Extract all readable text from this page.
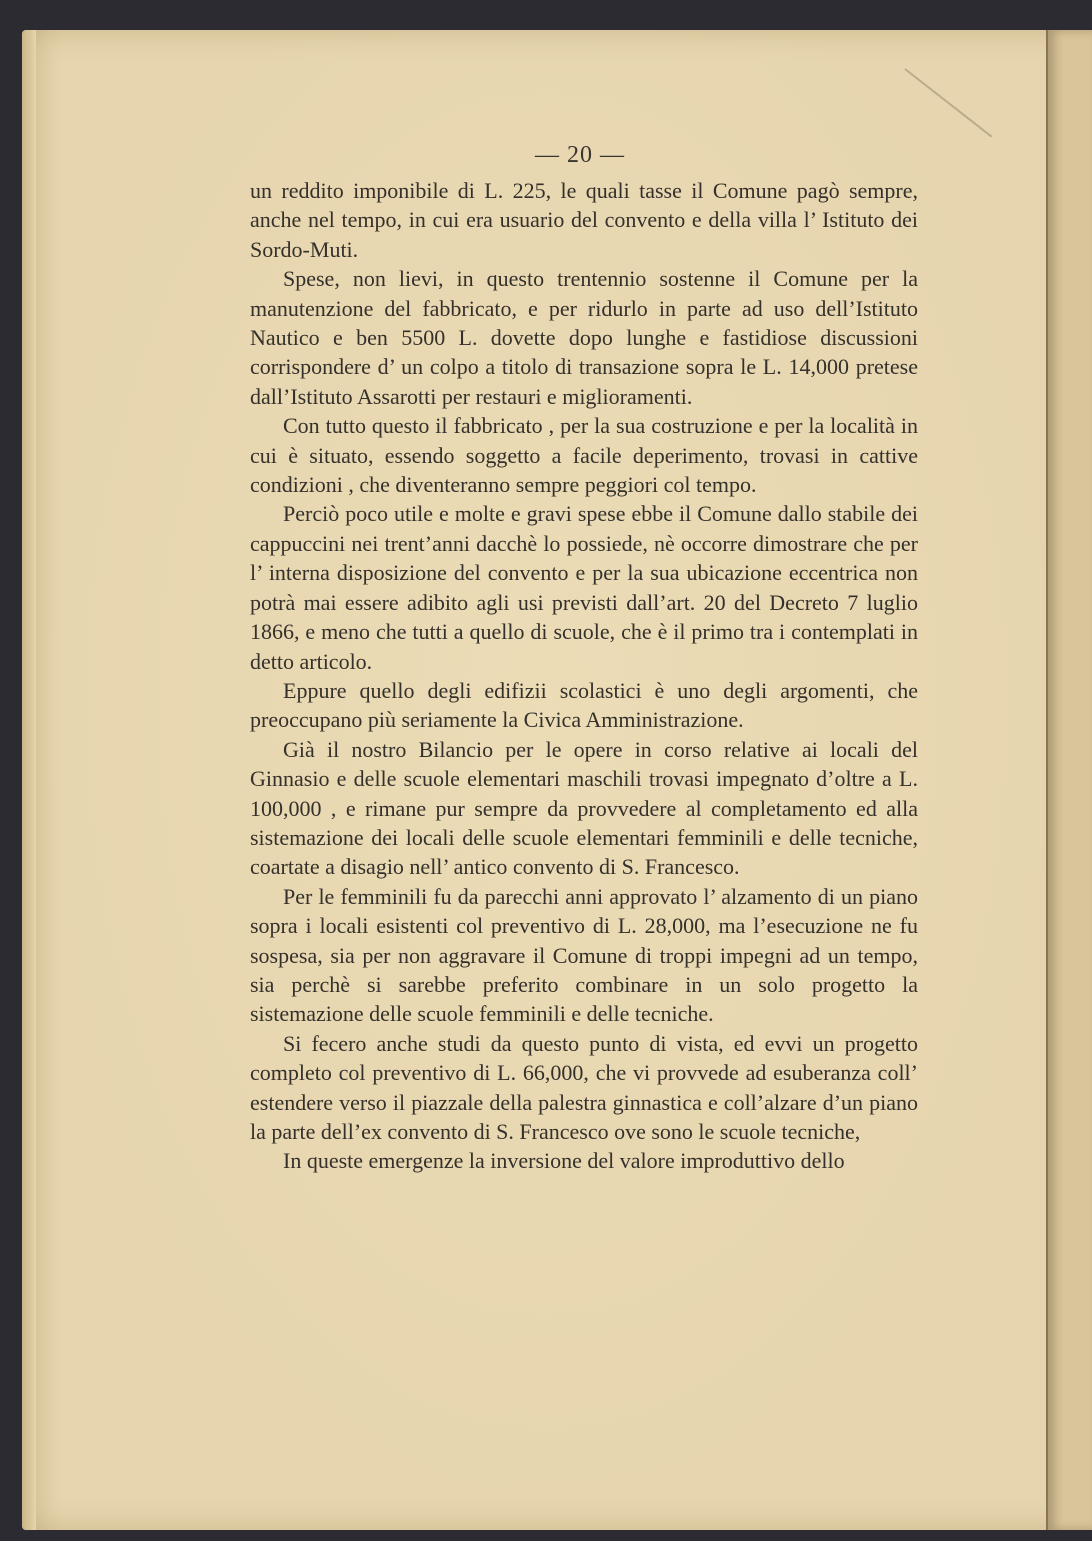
— 20 —

un reddito imponibile di L. 225, le quali tasse il Comune pagò sempre, anche nel tempo, in cui era usuario del convento e della villa l’ Istituto dei Sordo-Muti.

Spese, non lievi, in questo trentennio sostenne il Comune per la manutenzione del fabbricato, e per ridurlo in parte ad uso dell’Istituto Nautico e ben 5500 L. dovette dopo lunghe e fastidiose discussioni corrispondere d’ un colpo a titolo di transazione sopra le L. 14,000 pretese dall’Istituto Assarotti per restauri e miglioramenti.

Con tutto questo il fabbricato , per la sua costruzione e per la località in cui è situato, essendo soggetto a facile deperimento, trovasi in cattive condizioni , che diventeranno sempre peggiori col tempo.

Perciò poco utile e molte e gravi spese ebbe il Comune dallo stabile dei cappuccini nei trent’anni dacchè lo possiede, nè occorre dimostrare che per l’ interna disposizione del convento e per la sua ubicazione eccentrica non potrà mai essere adibito agli usi previsti dall’art. 20 del Decreto 7 luglio 1866, e meno che tutti a quello di scuole, che è il primo tra i contemplati in detto articolo.

Eppure quello degli edifizii scolastici è uno degli argomenti, che preoccupano più seriamente la Civica Amministrazione.

Già il nostro Bilancio per le opere in corso relative ai locali del Ginnasio e delle scuole elementari maschili trovasi impegnato d’oltre a L. 100,000 , e rimane pur sempre da provvedere al completamento ed alla sistemazione dei locali delle scuole elementari femminili e delle tecniche, coartate a disagio nell’ antico convento di S. Francesco.

Per le femminili fu da parecchi anni approvato l’ alzamento di un piano sopra i locali esistenti col preventivo di L. 28,000, ma l’esecuzione ne fu sospesa, sia per non aggravare il Comune di troppi impegni ad un tempo, sia perchè si sarebbe preferito combinare in un solo progetto la sistemazione delle scuole femminili e delle tecniche.

Si fecero anche studi da questo punto di vista, ed evvi un progetto completo col preventivo di L. 66,000, che vi provvede ad esuberanza coll’ estendere verso il piazzale della palestra ginnastica e coll’alzare d’un piano la parte dell’ex convento di S. Francesco ove sono le scuole tecniche,

In queste emergenze la inversione del valore improduttivo dello
